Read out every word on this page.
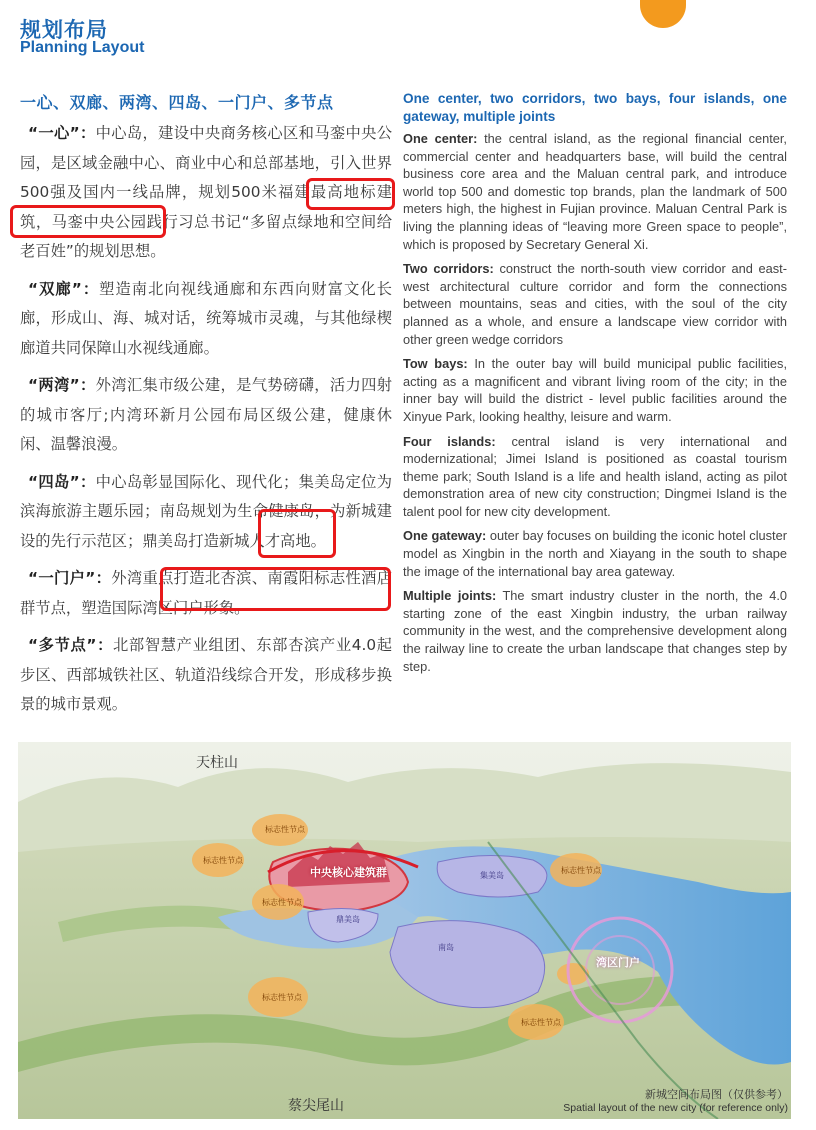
规划布局
Planning Layout
一心、双廊、两湾、四岛、一门户、多节点

“一心”：中心岛，建设中央商务核心区和马銮中央公园，是区域金融中心、商业中心和总部基地，引入世界500强及国内一线品牌，规划500米福建最高地标建筑，马銮中央公园践行习总书记“多留点绿地和空间给老百姓”的规划思想。

“双廊”：塑造南北向视线通廊和东西向财富文化长廊，形成山、海、城对话，统筹城市灵魂，与其他绿楔廊道共同保障山水视线通廊。

“两湾”：外湾汇集市级公建，是气势磅礴，活力四射的城市客厅;内湾环新月公园布局区级公建，健康休闲、温馨浪漫。

“四岛”：中心岛彰显国际化、现代化；集美岛定位为滨海旅游主题乐园；南岛规划为生命健康岛，为新城建设的先行示范区；鼎美岛打造新城人才高地。

“一门户”：外湾重点打造北杏滨、南霞阳标志性酒店群节点，塑造国际湾区门户形象。

“多节点”：北部智慧产业组团、东部杏滨产业4.0起步区、西部城铁社区、轨道沿线综合开发，形成移步换景的城市景观。

One center, two corridors, two bays, four islands, one gateway, multiple joints

One center: the central island, as the regional financial center, commercial center and headquarters base, will build the central business core area and the Maluan central park, and introduce world top 500 and domestic top brands, plan the landmark of 500 meters high, the highest in Fujian province. Maluan Central Park is living the planning ideas of “leaving more Green space to people”, which is proposed by Secretary General Xi.

Two corridors: construct the north-south view corridor and east-west architectural culture corridor and form the connections between mountains, seas and cities, with the soul of the city planned as a whole, and ensure a landscape view corridor with other green wedge corridors

Tow bays: In the outer bay will build municipal public facilities, acting as a magnificent and vibrant living room of the city; in the inner bay will build the district - level public facilities around the Xinyue Park, looking healthy, leisure and warm.

Four islands: central island is very international and modernizational; Jimei Island is positioned as coastal tourism theme park; South Island is a life and health island, acting as pilot demonstration area of new city construction; Dingmei Island is the talent pool for new city development.

One gateway: outer bay focuses on building the iconic hotel cluster model as Xingbin in the north and Xiayang in the south to shape the image of the international bay area gateway.

Multiple joints: The smart industry cluster in the north, the 4.0 starting zone of the east Xingbin industry, the urban railway community in the west, and the comprehensive development along the railway line to create the urban landscape that changes step by step.

天柱山
蔡尖尾山
中央核心建筑群
湾区门户
标志性节点
标志性节点
标志性节点
标志性节点
标志性节点
标志性节点
南岛
鼎美岛
集美岛
新城空间布局图（仅供参考）
Spatial layout of the new city (for reference only)
